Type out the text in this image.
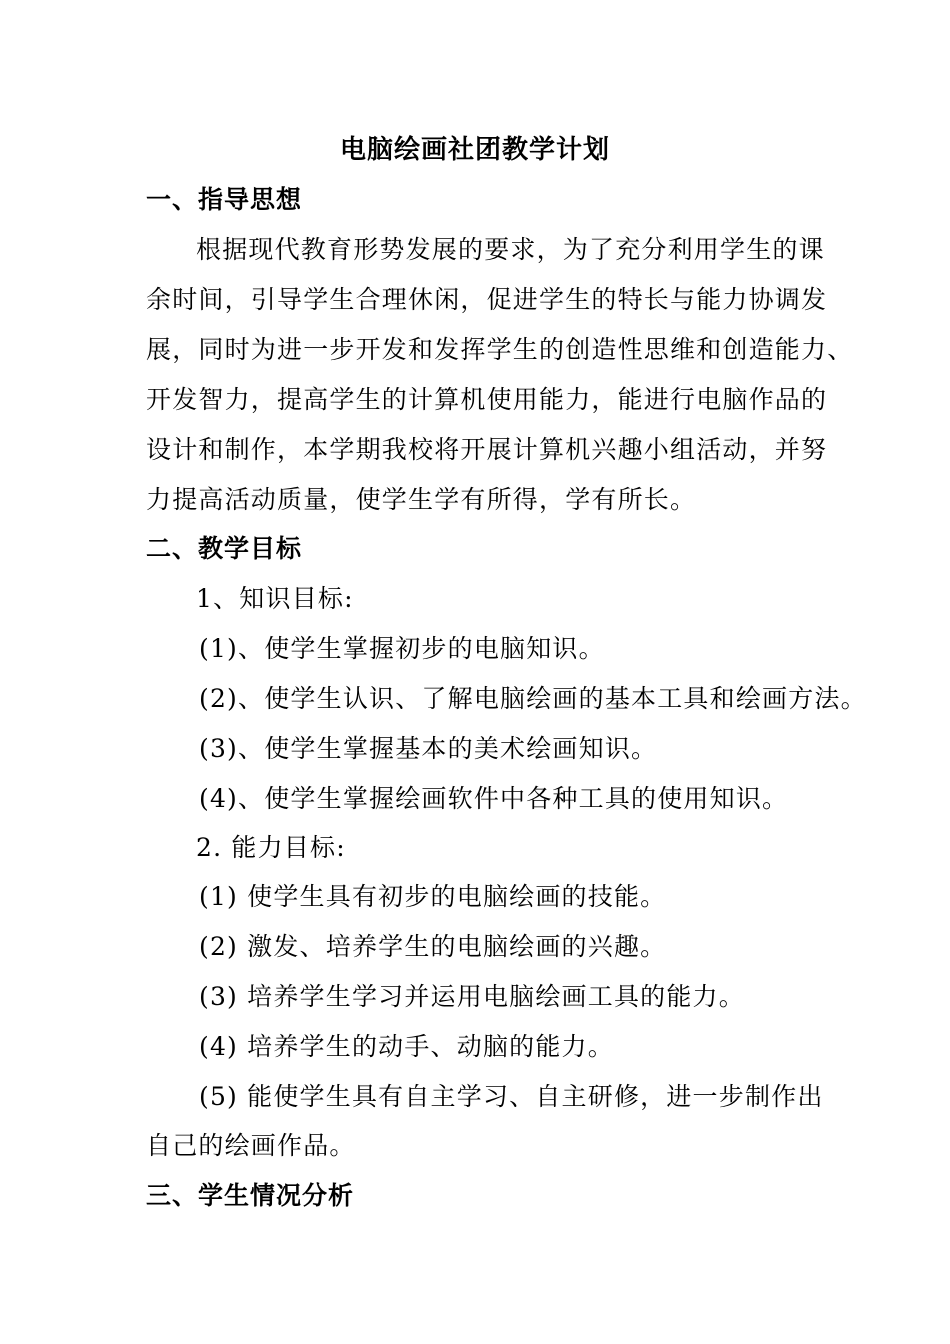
电脑绘画社团教学计划
一、指导思想
根据现代教育形势发展的要求，为了充分利用学生的课
余时间，引导学生合理休闲，促进学生的特长与能力协调发
展，同时为进一步开发和发挥学生的创造性思维和创造能力、
开发智力，提高学生的计算机使用能力，能进行电脑作品的
设计和制作，本学期我校将开展计算机兴趣小组活动，并努
力提高活动质量，使学生学有所得，学有所长。
二、教学目标
1、知识目标:
(1)、使学生掌握初步的电脑知识。
(2)、使学生认识、了解电脑绘画的基本工具和绘画方法。
(3)、使学生掌握基本的美术绘画知识。
(4)、使学生掌握绘画软件中各种工具的使用知识。
2. 能力目标:
(1) 使学生具有初步的电脑绘画的技能。
(2) 激发、培养学生的电脑绘画的兴趣。
(3) 培养学生学习并运用电脑绘画工具的能力。
(4) 培养学生的动手、动脑的能力。
(5) 能使学生具有自主学习、自主研修，进一步制作出
自己的绘画作品。
三、学生情况分析
